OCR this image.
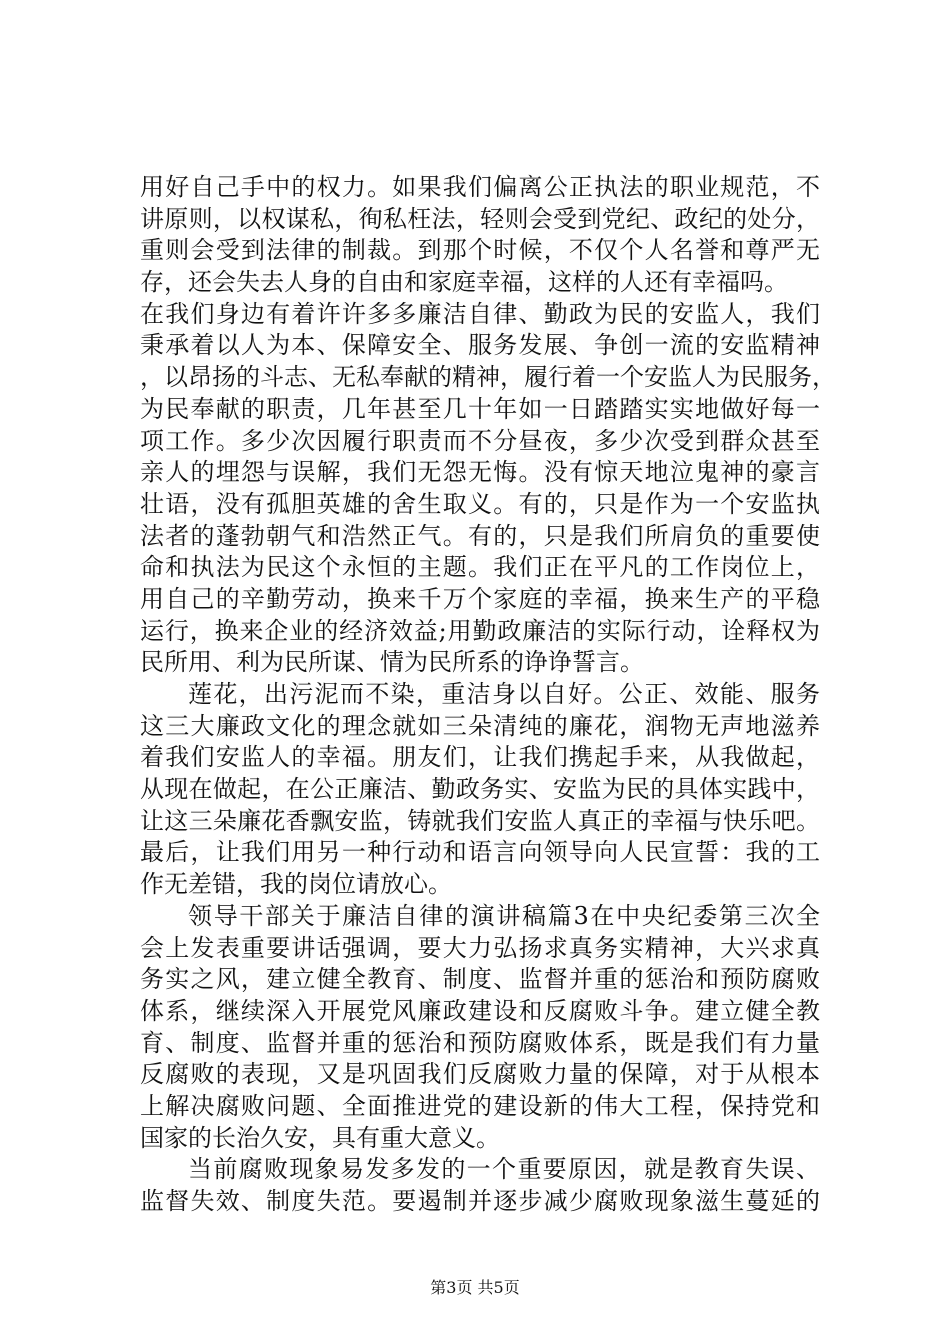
用好自己手中的权力。如果我们偏离公正执法的职业规范，不
讲原则，以权谋私，徇私枉法，轻则会受到党纪、政纪的处分，
重则会受到法律的制裁。到那个时候，不仅个人名誉和尊严无
存，还会失去人身的自由和家庭幸福，这样的人还有幸福吗。
在我们身边有着许许多多廉洁自律、勤政为民的安监人，我们
秉承着以人为本、保障安全、服务发展、争创一流的安监精神
，以昂扬的斗志、无私奉献的精神，履行着一个安监人为民服务，
为民奉献的职责，几年甚至几十年如一日踏踏实实地做好每一
项工作。多少次因履行职责而不分昼夜，多少次受到群众甚至
亲人的埋怨与误解，我们无怨无悔。没有惊天地泣鬼神的豪言
壮语，没有孤胆英雄的舍生取义。有的，只是作为一个安监执
法者的蓬勃朝气和浩然正气。有的，只是我们所肩负的重要使
命和执法为民这个永恒的主题。我们正在平凡的工作岗位上，
用自己的辛勤劳动，换来千万个家庭的幸福，换来生产的平稳
运行，换来企业的经济效益;用勤政廉洁的实际行动，诠释权为
民所用、利为民所谋、情为民所系的诤诤誓言。
莲花，出污泥而不染，重洁身以自好。公正、效能、服务
这三大廉政文化的理念就如三朵清纯的廉花，润物无声地滋养
着我们安监人的幸福。朋友们，让我们携起手来，从我做起，
从现在做起，在公正廉洁、勤政务实、安监为民的具体实践中，
让这三朵廉花香飘安监，铸就我们安监人真正的幸福与快乐吧。
最后，让我们用另一种行动和语言向领导向人民宣誓：我的工
作无差错，我的岗位请放心。
领导干部关于廉洁自律的演讲稿篇3在中央纪委第三次全
会上发表重要讲话强调，要大力弘扬求真务实精神，大兴求真
务实之风，建立健全教育、制度、监督并重的惩治和预防腐败
体系，继续深入开展党风廉政建设和反腐败斗争。建立健全教
育、制度、监督并重的惩治和预防腐败体系，既是我们有力量
反腐败的表现，又是巩固我们反腐败力量的保障，对于从根本
上解决腐败问题、全面推进党的建设新的伟大工程，保持党和
国家的长治久安，具有重大意义。
当前腐败现象易发多发的一个重要原因，就是教育失误、
监督失效、制度失范。要遏制并逐步减少腐败现象滋生蔓延的
第3页 共5页
